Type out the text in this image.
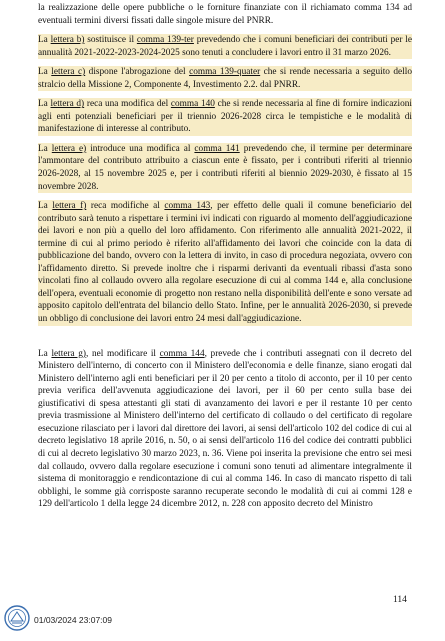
la realizzazione delle opere pubbliche o le forniture finanziate con il richiamato comma 134 ad eventuali termini diversi fissati dalle singole misure del PNRR.

La lettera b) sostituisce il comma 139-ter prevedendo che i comuni beneficiari dei contributi per le annualità 2021-2022-2023-2024-2025 sono tenuti a concludere i lavori entro il 31 marzo 2026.

La lettera c) dispone l'abrogazione del comma 139-quater che si rende necessaria a seguito dello stralcio della Missione 2, Componente 4, Investimento 2.2. dal PNRR.

La lettera d) reca una modifica del comma 140 che si rende necessaria al fine di fornire indicazioni agli enti potenziali beneficiari per il triennio 2026-2028 circa le tempistiche e le modalità di manifestazione di interesse al contributo.

La lettera e) introduce una modifica al comma 141 prevedendo che, il termine per determinare l'ammontare del contributo attribuito a ciascun ente è fissato, per i contributi riferiti al triennio 2026-2028, al 15 novembre 2025 e, per i contributi riferiti al biennio 2029-2030, è fissato al 15 novembre 2028.

La lettera f) reca modifiche al comma 143, per effetto delle quali il comune beneficiario del contributo sarà tenuto a rispettare i termini ivi indicati con riguardo al momento dell'aggiudicazione dei lavori e non più a quello del loro affidamento. Con riferimento alle annualità 2021-2022, il termine di cui al primo periodo è riferito all'affidamento dei lavori che coincide con la data di pubblicazione del bando, ovvero con la lettera di invito, in caso di procedura negoziata, ovvero con l'affidamento diretto. Si prevede inoltre che i risparmi derivanti da eventuali ribassi d'asta sono vincolati fino al collaudo ovvero alla regolare esecuzione di cui al comma 144 e, alla conclusione dell'opera, eventuali economie di progetto non restano nella disponibilità dell'ente e sono versate ad apposito capitolo dell'entrata del bilancio dello Stato. Infine, per le annualità 2026-2030, si prevede un obbligo di conclusione dei lavori entro 24 mesi dall'aggiudicazione.

La lettera g), nel modificare il comma 144, prevede che i contributi assegnati con il decreto del Ministero dell'interno, di concerto con il Ministero dell'economia e delle finanze, siano erogati dal Ministero dell'interno agli enti beneficiari per il 20 per cento a titolo di acconto, per il 10 per cento previa verifica dell'avvenuta aggiudicazione dei lavori, per il 60 per cento sulla base dei giustificativi di spesa attestanti gli stati di avanzamento dei lavori e per il restante 10 per cento previa trasmissione al Ministero dell'interno del certificato di collaudo o del certificato di regolare esecuzione rilasciato per i lavori dal direttore dei lavori, ai sensi dell'articolo 102 del codice di cui al decreto legislativo 18 aprile 2016, n. 50, o ai sensi dell'articolo 116 del codice dei contratti pubblici di cui al decreto legislativo 30 marzo 2023, n. 36. Viene poi inserita la previsione che entro sei mesi dal collaudo, ovvero dalla regolare esecuzione i comuni sono tenuti ad alimentare integralmente il sistema di monitoraggio e rendicontazione di cui al comma 146. In caso di mancato rispetto di tali obblighi, le somme già corrisposte saranno recuperate secondo le modalità di cui ai commi 128 e 129 dell'articolo 1 della legge 24 dicembre 2012, n. 228 con apposito decreto del Ministro

114
01/03/2024 23:07:09
